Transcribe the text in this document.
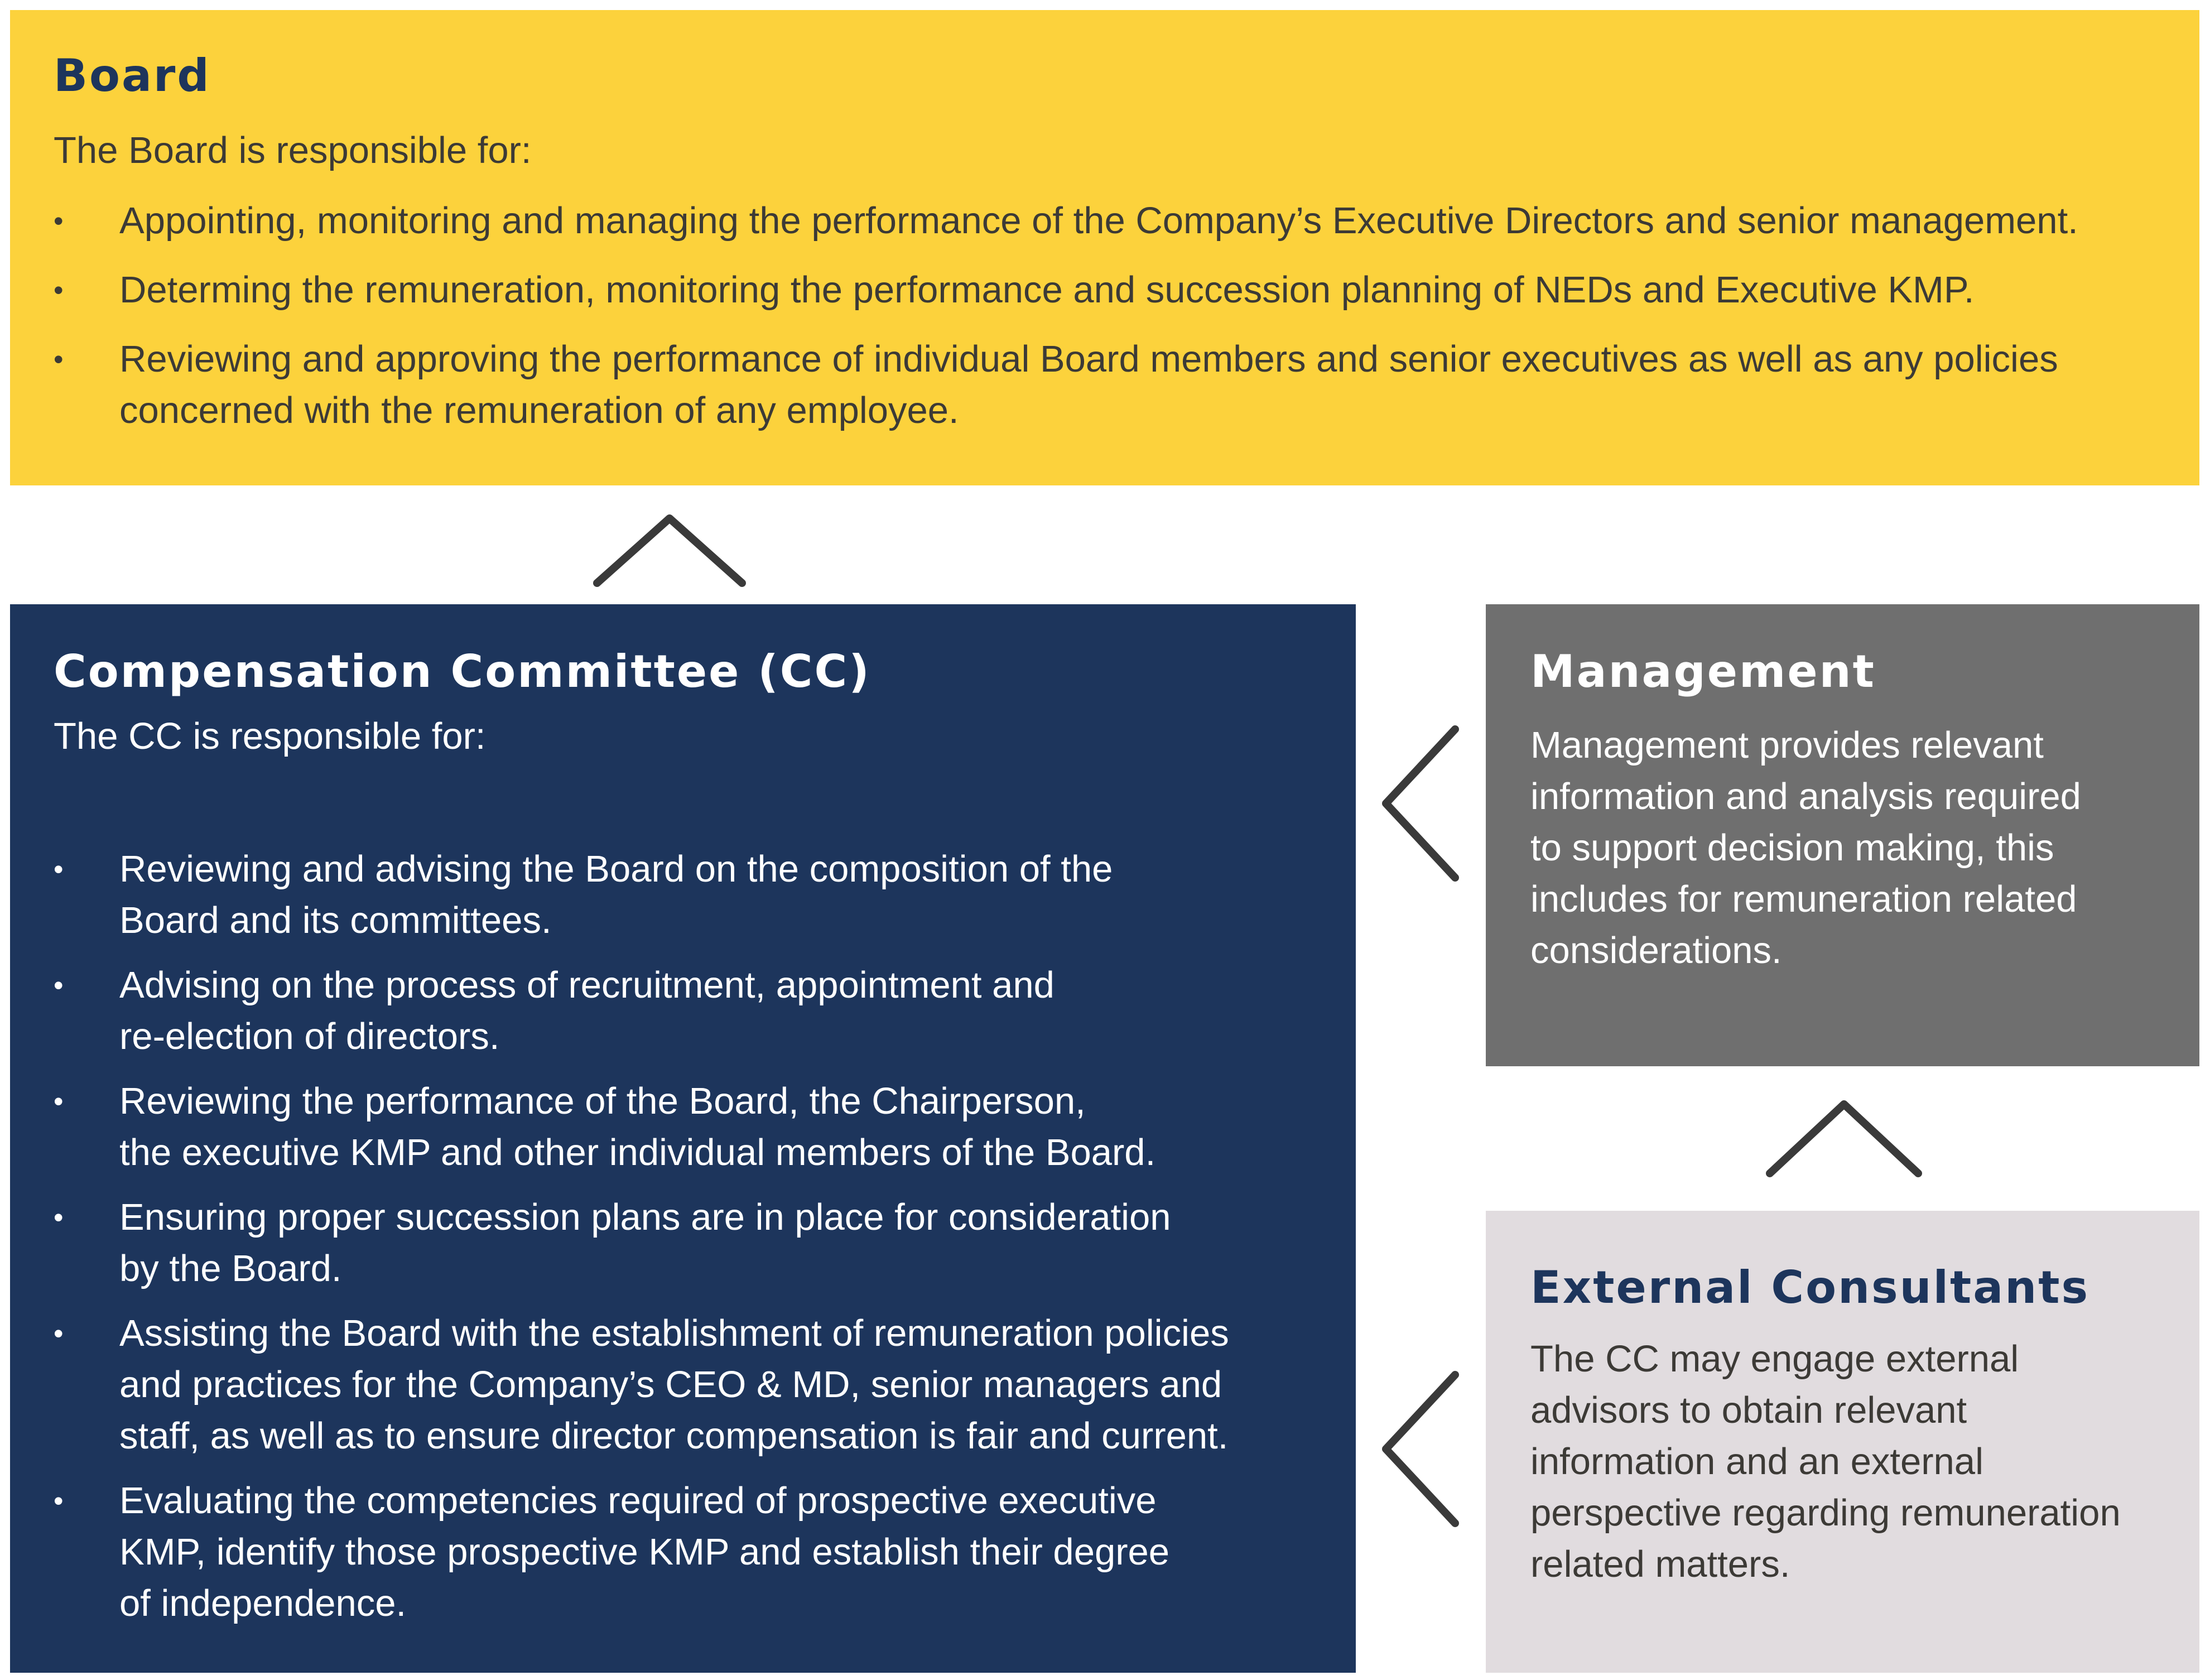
Board

The Board is responsible for:

• Appointing, monitoring and managing the performance of the Company’s Executive Directors and senior management.
• Determing the remuneration, monitoring the performance and succession planning of NEDs and Executive KMP.
• Reviewing and approving the performance of individual Board members and senior executives as well as any policies
concerned with the remuneration of any employee.
Compensation Committee (CC)

The CC is responsible for:

• Reviewing and advising the Board on the composition of the
Board and its committees.
• Advising on the process of recruitment, appointment and
re-election of directors.
• Reviewing the performance of the Board, the Chairperson,
the executive KMP and other individual members of the Board.
• Ensuring proper succession plans are in place for consideration
by the Board.
• Assisting the Board with the establishment of remuneration policies
and practices for the Company’s CEO & MD, senior managers and
staff, as well as to ensure director compensation is fair and current.
• Evaluating the competencies required of prospective executive
KMP, identify those prospective KMP and establish their degree
of independence.
Management
Management provides relevant
information and analysis required
to support decision making, this
includes for remuneration related
considerations.
External Consultants
The CC may engage external
advisors to obtain relevant
information and an external
perspective regarding remuneration
related matters.
